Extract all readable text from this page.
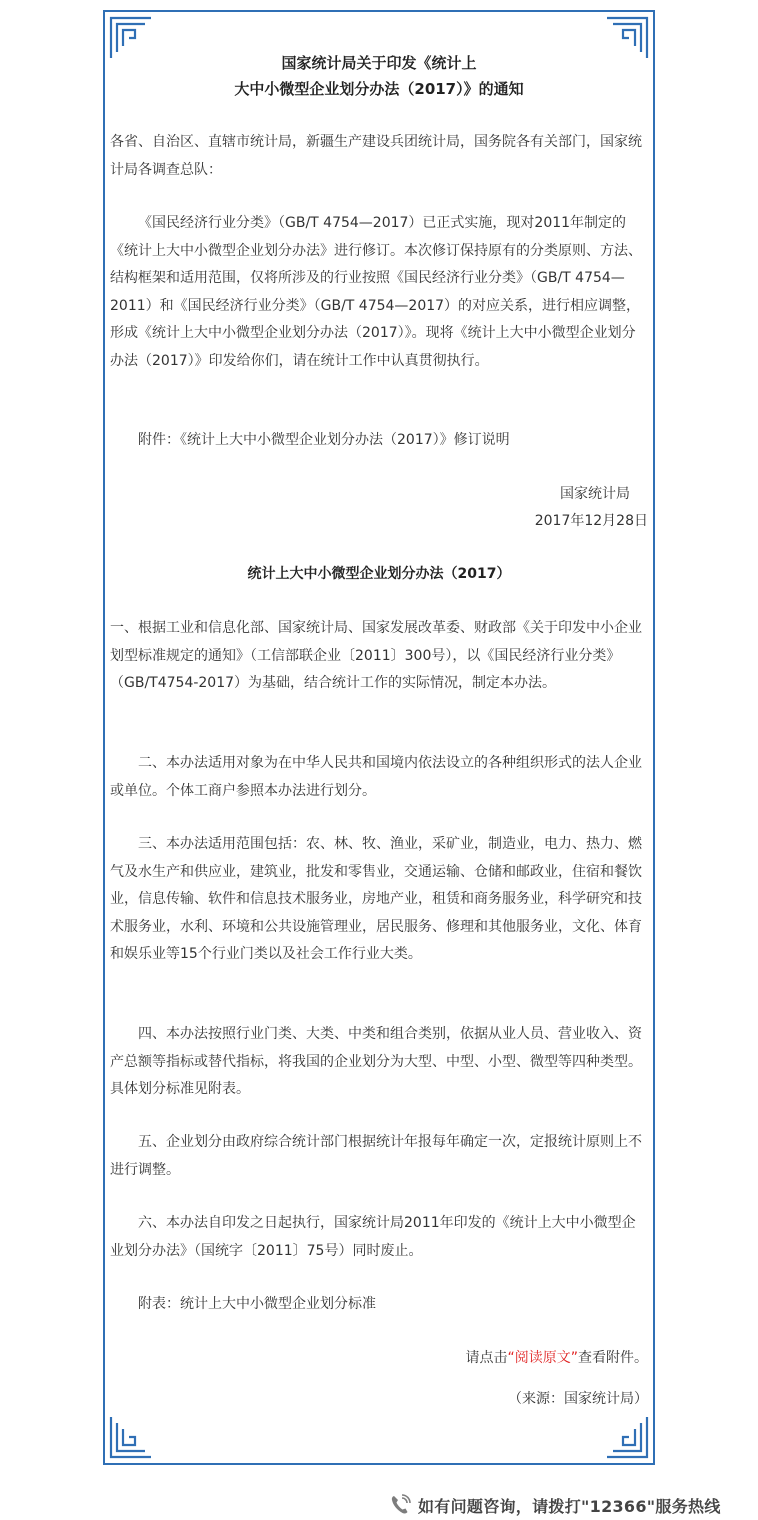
国家统计局关于印发《统计上
大中小微型企业划分办法（2017）》的通知

各省、自治区、直辖市统计局，新疆生产建设兵团统计局，国务院各有关部门，国家统计局各调查总队：

《国民经济行业分类》（GB/T 4754—2017）已正式实施，现对2011年制定的《统计上大中小微型企业划分办法》进行修订。本次修订保持原有的分类原则、方法、结构框架和适用范围，仅将所涉及的行业按照《国民经济行业分类》（GB/T 4754—2011）和《国民经济行业分类》（GB/T 4754—2017）的对应关系，进行相应调整，形成《统计上大中小微型企业划分办法（2017）》。现将《统计上大中小微型企业划分办法（2017）》印发给你们，请在统计工作中认真贯彻执行。

附件：《统计上大中小微型企业划分办法（2017）》修订说明

国家统计局

2017年12月28日

统计上大中小微型企业划分办法（2017）

一、根据工业和信息化部、国家统计局、国家发展改革委、财政部《关于印发中小企业划型标准规定的通知》（工信部联企业〔2011〕300号），以《国民经济行业分类》（GB/T4754-2017）为基础，结合统计工作的实际情况，制定本办法。

二、本办法适用对象为在中华人民共和国境内依法设立的各种组织形式的法人企业或单位。个体工商户参照本办法进行划分。

三、本办法适用范围包括：农、林、牧、渔业，采矿业，制造业，电力、热力、燃气及水生产和供应业，建筑业，批发和零售业，交通运输、仓储和邮政业，住宿和餐饮业，信息传输、软件和信息技术服务业，房地产业，租赁和商务服务业，科学研究和技术服务业，水利、环境和公共设施管理业，居民服务、修理和其他服务业，文化、体育和娱乐业等15个行业门类以及社会工作行业大类。

四、本办法按照行业门类、大类、中类和组合类别，依据从业人员、营业收入、资产总额等指标或替代指标，将我国的企业划分为大型、中型、小型、微型等四种类型。具体划分标准见附表。

五、企业划分由政府综合统计部门根据统计年报每年确定一次，定报统计原则上不进行调整。

六、本办法自印发之日起执行，国家统计局2011年印发的《统计上大中小微型企业划分办法》（国统字〔2011〕75号）同时废止。

附表：统计上大中小微型企业划分标准

请点击“阅读原文”查看附件。

（来源：国家统计局）

如有问题咨询，请拨打"12366"服务热线
